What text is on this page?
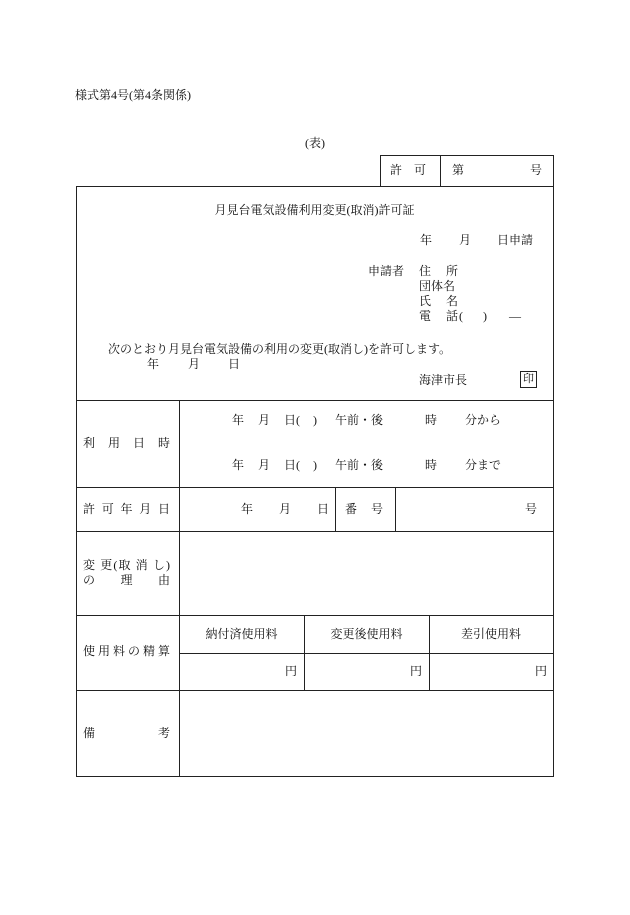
様式第4号(第4条関係)
(表)
許 可 第	号
月見台電気設備利用変更(取消)許可証
年 月 日申請
申請者 住 所
団体名
氏 名
電 話 ( ) —
次のとおり月見台電気設備の利用の変更(取消し)を許可します。
年 月 日
海津市長	印
利 用 日 時
年 月 日( ) 午前・後	時 分から
年 月 日( ) 午前・後	時 分まで
許 可 年 月 日	年 月 日 番 号	号
変 更(取 消 し)
の 理 由
使 用 料 の 精 算
納付済使用料	変更後使用料	差引使用料
円	円	円
備 考
